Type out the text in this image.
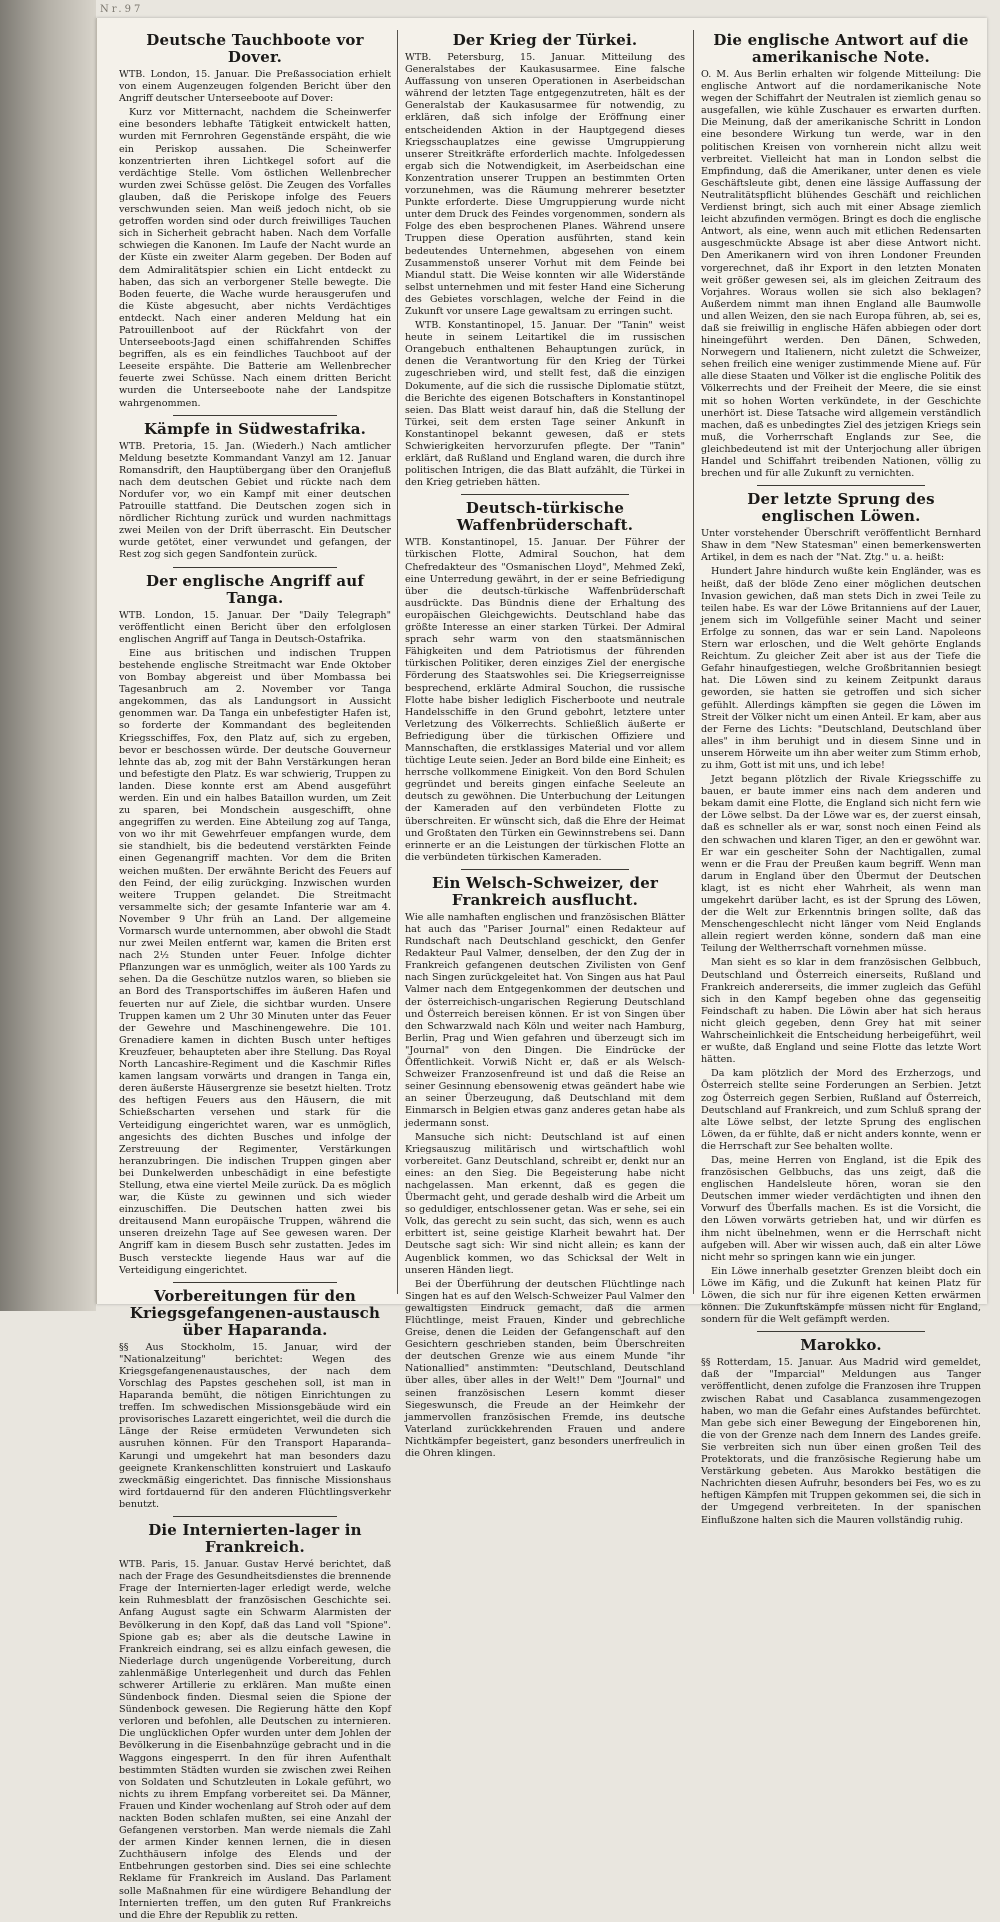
Nr.97
Deutsche Tauchboote vor Dover.

WTB. London, 15. Januar. Die Preßassociation erhielt von einem Augenzeugen folgenden Bericht über den Angriff deutscher Unterseeboote auf Dover:

Kurz vor Mitternacht, nachdem die Scheinwerfer eine besonders lebhafte Tätigkeit entwickelt hatten, wurden mit Fernrohren Gegenstände erspäht, die wie ein Periskop aussahen. Die Scheinwerfer konzentrierten ihren Lichtkegel sofort auf die verdächtige Stelle. Vom östlichen Wellenbrecher wurden zwei Schüsse gelöst. Die Zeugen des Vorfalles glauben, daß die Periskope infolge des Feuers verschwunden seien. Man weiß jedoch nicht, ob sie getroffen worden sind oder durch freiwilliges Tauchen sich in Sicherheit gebracht haben. Nach dem Vorfalle schwiegen die Kanonen. Im Laufe der Nacht wurde an der Küste ein zweiter Alarm gegeben. Der Boden auf dem Admiralitätspier schien ein Licht entdeckt zu haben, das sich an verborgener Stelle bewegte. Die Boden feuerte, die Wache wurde herausgerufen und die Küste abgesucht, aber nichts Verdächtiges entdeckt. Nach einer anderen Meldung hat ein Patrouillenboot auf der Rückfahrt von der Unterseeboots-Jagd einen schiffahrenden Schiffes begriffen, als es ein feindliches Tauchboot auf der Leeseite erspähte. Die Batterie am Wellenbrecher feuerte zwei Schüsse. Nach einem dritten Bericht wurden die Unterseeboote nahe der Landspitze wahrgenommen.

Kämpfe in Südwestafrika.

WTB. Pretoria, 15. Jan. (Wiederh.) Nach amtlicher Meldung besetzte Kommandant Vanzyl am 12. Januar Romansdrift, den Hauptübergang über den Oranjefluß nach dem deutschen Gebiet und rückte nach dem Nordufer vor, wo ein Kampf mit einer deutschen Patrouille stattfand. Die Deutschen zogen sich in nördlicher Richtung zurück und wurden nachmittags zwei Meilen von der Drift überrascht. Ein Deutscher wurde getötet, einer verwundet und gefangen, der Rest zog sich gegen Sandfontein zurück.

Der englische Angriff auf Tanga.

WTB. London, 15. Januar. Der "Daily Telegraph" veröffentlicht einen Bericht über den erfolglosen englischen Angriff auf Tanga in Deutsch-Ostafrika.

Eine aus britischen und indischen Truppen bestehende englische Streitmacht war Ende Oktober von Bombay abgereist und über Mombassa bei Tagesanbruch am 2. November vor Tanga angekommen, das als Landungsort in Aussicht genommen war. Da Tanga ein unbefestigter Hafen ist, so forderte der Kommandant des begleitenden Kriegsschiffes, Fox, den Platz auf, sich zu ergeben, bevor er beschossen würde. Der deutsche Gouverneur lehnte das ab, zog mit der Bahn Verstärkungen heran und befestigte den Platz. Es war schwierig, Truppen zu landen. Diese konnte erst am Abend ausgeführt werden. Ein und ein halbes Bataillon wurden, um Zeit zu sparen, bei Mondschein ausgeschifft, ohne angegriffen zu werden. Eine Abteilung zog auf Tanga, von wo ihr mit Gewehrfeuer empfangen wurde, dem sie standhielt, bis die bedeutend verstärkten Feinde einen Gegenangriff machten. Vor dem die Briten weichen mußten. Der erwähnte Bericht des Feuers auf den Feind, der eilig zurückging. Inzwischen wurden weitere Truppen gelandet. Die Streitmacht versammelte sich; der gesamte Infanterie war am 4. November 9 Uhr früh an Land. Der allgemeine Vormarsch wurde unternommen, aber obwohl die Stadt nur zwei Meilen entfernt war, kamen die Briten erst nach 2½ Stunden unter Feuer. Infolge dichter Pflanzungen war es unmöglich, weiter als 100 Yards zu sehen. Da die Geschütze nutzlos waren, so blieben sie an Bord des Transportschiffes im äußeren Hafen und feuerten nur auf Ziele, die sichtbar wurden. Unsere Truppen kamen um 2 Uhr 30 Minuten unter das Feuer der Gewehre und Maschinengewehre. Die 101. Grenadiere kamen in dichten Busch unter heftiges Kreuzfeuer, behaupteten aber ihre Stellung. Das Royal North Lancashire-Regiment und die Kaschmir Rifles kamen langsam vorwärts und drangen in Tanga ein, deren äußerste Häusergrenze sie besetzt hielten. Trotz des heftigen Feuers aus den Häusern, die mit Schießscharten versehen und stark für die Verteidigung eingerichtet waren, war es unmöglich, angesichts des dichten Busches und infolge der Zerstreuung der Regimenter, Verstärkungen heranzubringen. Die indischen Truppen gingen aber bei Dunkelwerden unbeschädigt in eine befestigte Stellung, etwa eine viertel Meile zurück. Da es möglich war, die Küste zu gewinnen und sich wieder einzuschiffen. Die Deutschen hatten zwei bis dreitausend Mann europäische Truppen, während die unseren dreizehn Tage auf See gewesen waren. Der Angriff kam in diesem Busch sehr zustatten. Jedes im Busch versteckte liegende Haus war auf die Verteidigung eingerichtet.

Vorbereitungen für den Kriegsgefangenen-austausch über Haparanda.

§§ Aus Stockholm, 15. Januar, wird der "Nationalzeitung" berichtet: Wegen des Kriegsgefangenenaustausches, der nach dem Vorschlag des Papstes geschehen soll, ist man in Haparanda bemüht, die nötigen Einrichtungen zu treffen. Im schwedischen Missionsgebäude wird ein provisorisches Lazarett eingerichtet, weil die durch die Länge der Reise ermüdeten Verwundeten sich ausruhen können. Für den Transport Haparanda–Karungi und umgekehrt hat man besonders dazu geeignete Krankenschlitten konstruiert und Laskaufo zweckmäßig eingerichtet. Das finnische Missionshaus wird fortdauernd für den anderen Flüchtlingsverkehr benutzt.

Die Internierten-lager in Frankreich.

WTB. Paris, 15. Januar. Gustav Hervé berichtet, daß nach der Frage des Gesundheitsdienstes die brennende Frage der Internierten-lager erledigt werde, welche kein Ruhmesblatt der französischen Geschichte sei. Anfang August sagte ein Schwarm Alarmisten der Bevölkerung in den Kopf, daß das Land voll "Spione". Spione gab es; aber als die deutsche Lawine in Frankreich eindrang, sei es allzu einfach gewesen, die Niederlage durch ungenügende Vorbereitung, durch zahlenmäßige Unterlegenheit und durch das Fehlen schwerer Artillerie zu erklären. Man mußte einen Sündenbock finden. Diesmal seien die Spione der Sündenbock gewesen. Die Regierung hätte den Kopf verloren und befohlen, alle Deutschen zu internieren. Die unglücklichen Opfer wurden unter dem Johlen der Bevölkerung in die Eisenbahnzüge gebracht und in die Waggons eingesperrt. In den für ihren Aufenthalt bestimmten Städten wurden sie zwischen zwei Reihen von Soldaten und Schutzleuten in Lokale geführt, wo nichts zu ihrem Empfang vorbereitet sei. Da Männer, Frauen und Kinder wochenlang auf Stroh oder auf dem nackten Boden schlafen mußten, sei eine Anzahl der Gefangenen verstorben. Man werde niemals die Zahl der armen Kinder kennen lernen, die in diesen Zuchthäusern infolge des Elends und der Entbehrungen gestorben sind. Dies sei eine schlechte Reklame für Frankreich im Ausland. Das Parlament solle Maßnahmen für eine würdigere Behandlung der Internierten treffen, um den guten Ruf Frankreichs und die Ehre der Republik zu retten.

Der Krieg der Türkei.

WTB. Petersburg, 15. Januar. Mitteilung des Generalstabes der Kaukasusarmee. Eine falsche Auffassung von unseren Operationen in Aserbeidschan während der letzten Tage entgegenzutreten, hält es der Generalstab der Kaukasusarmee für notwendig, zu erklären, daß sich infolge der Eröffnung einer entscheidenden Aktion in der Hauptgegend dieses Kriegsschauplatzes eine gewisse Umgruppierung unserer Streitkräfte erforderlich machte. Infolgedessen ergab sich die Notwendigkeit, im Aserbeidschan eine Konzentration unserer Truppen an bestimmten Orten vorzunehmen, was die Räumung mehrerer besetzter Punkte erforderte. Diese Umgruppierung wurde nicht unter dem Druck des Feindes vorgenommen, sondern als Folge des eben besprochenen Planes. Während unsere Truppen diese Operation ausführten, stand kein bedeutendes Unternehmen, abgesehen von einem Zusammenstoß unserer Vorhut mit dem Feinde bei Miandul statt. Die Weise konnten wir alle Widerstände selbst unternehmen und mit fester Hand eine Sicherung des Gebietes vorschlagen, welche der Feind in die Zukunft vor unsere Lage gewaltsam zu erringen sucht.

WTB. Konstantinopel, 15. Januar. Der "Tanin" weist heute in seinem Leitartikel die im russischen Orangebuch enthaltenen Behauptungen zurück, in denen die Verantwortung für den Krieg der Türkei zugeschrieben wird, und stellt fest, daß die einzigen Dokumente, auf die sich die russische Diplomatie stützt, die Berichte des eigenen Botschafters in Konstantinopel seien. Das Blatt weist darauf hin, daß die Stellung der Türkei, seit dem ersten Tage seiner Ankunft in Konstantinopel bekannt gewesen, daß er stets Schwierigkeiten hervorzurufen pflegte. Der "Tanin" erklärt, daß Rußland und England waren, die durch ihre politischen Intrigen, die das Blatt aufzählt, die Türkei in den Krieg getrieben hätten.

Deutsch-türkische Waffenbrüderschaft.

WTB. Konstantinopel, 15. Januar. Der Führer der türkischen Flotte, Admiral Souchon, hat dem Chefredakteur des "Osmanischen Lloyd", Mehmed Zekî, eine Unterredung gewährt, in der er seine Befriedigung über die deutsch-türkische Waffenbrüderschaft ausdrückte. Das Bündnis diene der Erhaltung des europäischen Gleichgewichts. Deutschland habe das größte Interesse an einer starken Türkei. Der Admiral sprach sehr warm von den staatsmännischen Fähigkeiten und dem Patriotismus der führenden türkischen Politiker, deren einziges Ziel der energische Förderung des Staatswohles sei. Die Kriegserreignisse besprechend, erklärte Admiral Souchon, die russische Flotte habe bisher lediglich Fischerboote und neutrale Handelsschiffe in den Grund gebohrt, letztere unter Verletzung des Völkerrechts. Schließlich äußerte er Befriedigung über die türkischen Offiziere und Mannschaften, die erstklassiges Material und vor allem tüchtige Leute seien. Jeder an Bord bilde eine Einheit; es herrsche vollkommene Einigkeit. Von den Bord Schulen gegründet und bereits gingen einfache Seeleute an deutsch zu gewöhnen. Die Unterbuchung der Leitungen der Kameraden auf den verbündeten Flotte zu überschreiten. Er wünscht sich, daß die Ehre der Heimat und Großtaten den Türken ein Gewinnstrebens sei. Dann erinnerte er an die Leistungen der türkischen Flotte an die verbündeten türkischen Kameraden.

Ein Welsch-Schweizer, der Frankreich ausflucht.

Wie alle namhaften englischen und französischen Blätter hat auch das "Pariser Journal" einen Redakteur auf Rundschaft nach Deutschland geschickt, den Genfer Redakteur Paul Valmer, denselben, der den Zug der in Frankreich gefangenen deutschen Zivilisten von Genf nach Singen zurückgeleitet hat. Von Singen aus hat Paul Valmer nach dem Entgegenkommen der deutschen und der österreichisch-ungarischen Regierung Deutschland und Österreich bereisen können. Er ist von Singen über den Schwarzwald nach Köln und weiter nach Hamburg, Berlin, Prag und Wien gefahren und überzeugt sich im "Journal" von den Dingen. Die Eindrücke der Öffentlichkeit. Vorwiß Nicht er, daß er als Welsch-Schweizer Franzosenfreund ist und daß die Reise an seiner Gesinnung ebensowenig etwas geändert habe wie an seiner Überzeugung, daß Deutschland mit dem Einmarsch in Belgien etwas ganz anderes getan habe als jedermann sonst.

Mansuche sich nicht: Deutschland ist auf einen Kriegsauszug militärisch und wirtschaftlich wohl vorbereitet. Ganz Deutschland, schreibt er, denkt nur an eines: an den Sieg. Die Begeisterung habe nicht nachgelassen. Man erkennt, daß es gegen die Übermacht geht, und gerade deshalb wird die Arbeit um so geduldiger, entschlossener getan. Was er sehe, sei ein Volk, das gerecht zu sein sucht, das sich, wenn es auch erbittert ist, seine geistige Klarheit bewahrt hat. Der Deutsche sagt sich: Wir sind nicht allein; es kann der Augenblick kommen, wo das Schicksal der Welt in unseren Händen liegt.

Bei der Überführung der deutschen Flüchtlinge nach Singen hat es auf den Welsch-Schweizer Paul Valmer den gewaltigsten Eindruck gemacht, daß die armen Flüchtlinge, meist Frauen, Kinder und gebrechliche Greise, denen die Leiden der Gefangenschaft auf den Gesichtern geschrieben standen, beim Überschreiten der deutschen Grenze wie aus einem Munde "ihr Nationallied" anstimmten: "Deutschland, Deutschland über alles, über alles in der Welt!" Dem "Journal" und seinen französischen Lesern kommt dieser Siegeswunsch, die Freude an der Heimkehr der jammervollen französischen Fremde, ins deutsche Vaterland zurückkehrenden Frauen und andere Nichtkämpfer begeistert, ganz besonders unerfreulich in die Ohren klingen.

Die englische Antwort auf die amerikanische Note.

O. M. Aus Berlin erhalten wir folgende Mitteilung: Die englische Antwort auf die nordamerikanische Note wegen der Schiffahrt der Neutralen ist ziemlich genau so ausgefallen, wie kühle Zuschauer es erwarten durften. Die Meinung, daß der amerikanische Schritt in London eine besondere Wirkung tun werde, war in den politischen Kreisen von vornherein nicht allzu weit verbreitet. Vielleicht hat man in London selbst die Empfindung, daß die Amerikaner, unter denen es viele Geschäftsleute gibt, denen eine lässige Auffassung der Neutralitätspflicht blühendes Geschäft und reichlichen Verdienst bringt, sich auch mit einer Absage ziemlich leicht abzufinden vermögen. Bringt es doch die englische Antwort, als eine, wenn auch mit etlichen Redensarten ausgeschmückte Absage ist aber diese Antwort nicht. Den Amerikanern wird von ihren Londoner Freunden vorgerechnet, daß ihr Export in den letzten Monaten weit größer gewesen sei, als im gleichen Zeitraum des Vorjahres. Woraus wollen sie sich also beklagen? Außerdem nimmt man ihnen England alle Baumwolle und allen Weizen, den sie nach Europa führen, ab, sei es, daß sie freiwillig in englische Häfen abbiegen oder dort hineingeführt werden. Den Dänen, Schweden, Norwegern und Italienern, nicht zuletzt die Schweizer, sehen freilich eine weniger zustimmende Miene auf. Für alle diese Staaten und Völker ist die englische Politik des Völkerrechts und der Freiheit der Meere, die sie einst mit so hohen Worten verkündete, in der Geschichte unerhört ist. Diese Tatsache wird allgemein verständlich machen, daß es unbedingtes Ziel des jetzigen Kriegs sein muß, die Vorherrschaft Englands zur See, die gleichbedeutend ist mit der Unterjochung aller übrigen Handel und Schiffahrt treibenden Nationen, völlig zu brechen und für alle Zukunft zu vernichten.

Der letzte Sprung des englischen Löwen.

Unter vorstehender Überschrift veröffentlicht Bernhard Shaw in dem "New Statesman" einen bemerkenswerten Artikel, in dem es nach der "Nat. Ztg." u. a. heißt:

Hundert Jahre hindurch wußte kein Engländer, was es heißt, daß der blöde Zeno einer möglichen deutschen Invasion gewichen, daß man stets Dich in zwei Teile zu teilen habe. Es war der Löwe Britanniens auf der Lauer, jenem sich im Vollgefühle seiner Macht und seiner Erfolge zu sonnen, das war er sein Land. Napoleons Stern war erloschen, und die Welt gehörte Englands Reichtum. Zu gleicher Zeit aber ist aus der Tiefe die Gefahr hinaufgestiegen, welche Großbritannien besiegt hat. Die Löwen sind zu keinem Zeitpunkt daraus geworden, sie hatten sie getroffen und sich sicher gefühlt. Allerdings kämpften sie gegen die Löwen im Streit der Völker nicht um einen Anteil. Er kam, aber aus der Ferne des Lichts: "Deutschland, Deutschland über alles" in ihm beruhigt und in diesem Sinne und in unserem Hörweite um ihn aber weiter zum Stimm erhob, zu ihm, Gott ist mit uns, und ich lebe!

Jetzt begann plötzlich der Rivale Kriegsschiffe zu bauen, er baute immer eins nach dem anderen und bekam damit eine Flotte, die England sich nicht fern wie der Löwe selbst. Da der Löwe war es, der zuerst einsah, daß es schneller als er war, sonst noch einen Feind als den schwachen und klaren Tiger, an den er gewöhnt war. Er war ein gescheiter Sohn der Nachtigallen, zumal wenn er die Frau der Preußen kaum begriff. Wenn man darum in England über den Übermut der Deutschen klagt, ist es nicht eher Wahrheit, als wenn man umgekehrt darüber lacht, es ist der Sprung des Löwen, der die Welt zur Erkenntnis bringen sollte, daß das Menschengeschlecht nicht länger vom Neid Englands allein regiert werden könne, sondern daß man eine Teilung der Weltherrschaft vornehmen müsse.

Man sieht es so klar in dem französischen Gelbbuch, Deutschland und Österreich einerseits, Rußland und Frankreich andererseits, die immer zugleich das Gefühl sich in den Kampf begeben ohne das gegenseitig Feindschaft zu haben. Die Löwin aber hat sich heraus nicht gleich gegeben, denn Grey hat mit seiner Wahrscheinlichkeit die Entscheidung herbeigeführt, weil er wußte, daß England und seine Flotte das letzte Wort hätten.

Da kam plötzlich der Mord des Erzherzogs, und Österreich stellte seine Forderungen an Serbien. Jetzt zog Österreich gegen Serbien, Rußland auf Österreich, Deutschland auf Frankreich, und zum Schluß sprang der alte Löwe selbst, der letzte Sprung des englischen Löwen, da er fühlte, daß er nicht anders konnte, wenn er die Herrschaft zur See behalten wollte.

Das, meine Herren von England, ist die Epik des französischen Gelbbuchs, das uns zeigt, daß die englischen Handelsleute hören, woran sie den Deutschen immer wieder verdächtigten und ihnen den Vorwurf des Überfalls machen. Es ist die Vorsicht, die den Löwen vorwärts getrieben hat, und wir dürfen es ihm nicht übelnehmen, wenn er die Herrschaft nicht aufgeben will. Aber wir wissen auch, daß ein alter Löwe nicht mehr so springen kann wie ein junger.

Ein Löwe innerhalb gesetzter Grenzen bleibt doch ein Löwe im Käfig, und die Zukunft hat keinen Platz für Löwen, die sich nur für ihre eigenen Ketten erwärmen können. Die Zukunftskämpfe müssen nicht für England, sondern für die Welt gefämpft werden.

Marokko.

§§ Rotterdam, 15. Januar. Aus Madrid wird gemeldet, daß der "Imparcial" Meldungen aus Tanger veröffentlicht, denen zufolge die Franzosen ihre Truppen zwischen Rabat und Casablanca zusammengezogen haben, wo man die Gefahr eines Aufstandes befürchtet. Man gebe sich einer Bewegung der Eingeborenen hin, die von der Grenze nach dem Innern des Landes greife. Sie verbreiten sich nun über einen großen Teil des Protektorats, und die französische Regierung habe um Verstärkung gebeten. Aus Marokko bestätigen die Nachrichten diesen Aufruhr, besonders bei Fes, wo es zu heftigen Kämpfen mit Truppen gekommen sei, die sich in der Umgegend verbreiteten. In der spanischen Einflußzone halten sich die Mauren vollständig ruhig.
